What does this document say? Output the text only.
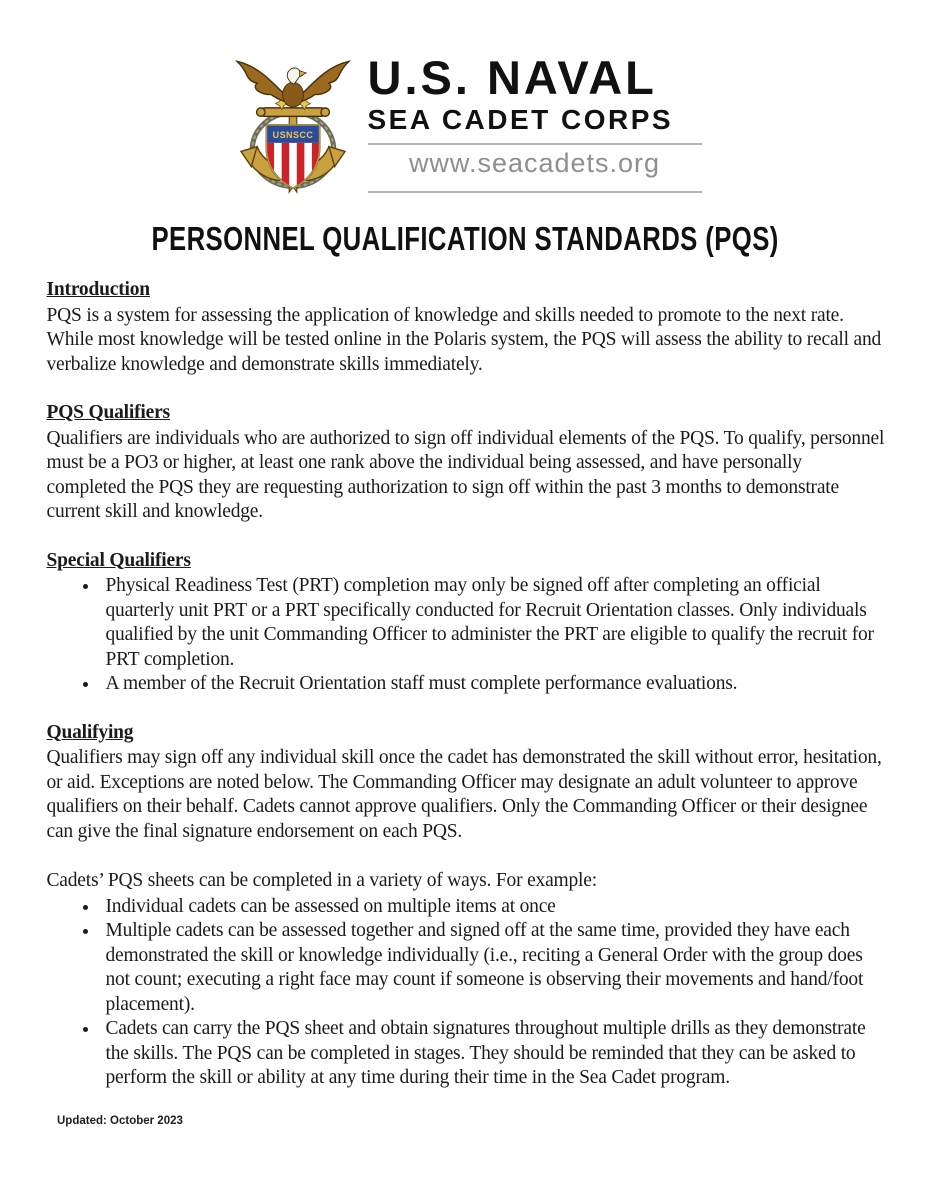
USNSCC
U.S. NAVAL
SEA CADET CORPS
www.seacadets.org
PERSONNEL QUALIFICATION STANDARDS (PQS)
Introduction

PQS is a system for assessing the application of knowledge and skills needed to promote to the next rate. While most knowledge will be tested online in the Polaris system, the PQS will assess the ability to recall and verbalize knowledge and demonstrate skills immediately.

PQS Qualifiers

Qualifiers are individuals who are authorized to sign off individual elements of the PQS. To qualify, personnel must be a PO3 or higher, at least one rank above the individual being assessed, and have personally completed the PQS they are requesting authorization to sign off within the past 3 months to demonstrate current skill and knowledge.

Special Qualifiers
• Physical Readiness Test (PRT) completion may only be signed off after completing an official quarterly unit PRT or a PRT specifically conducted for Recruit Orientation classes. Only individuals qualified by the unit Commanding Officer to administer the PRT are eligible to qualify the recruit for PRT completion.
• A member of the Recruit Orientation staff must complete performance evaluations.
Qualifying

Qualifiers may sign off any individual skill once the cadet has demonstrated the skill without error, hesitation, or aid. Exceptions are noted below. The Commanding Officer may designate an adult volunteer to approve qualifiers on their behalf. Cadets cannot approve qualifiers. Only the Commanding Officer or their designee can give the final signature endorsement on each PQS.

Cadets’ PQS sheets can be completed in a variety of ways. For example:

• Individual cadets can be assessed on multiple items at once
• Multiple cadets can be assessed together and signed off at the same time, provided they have each demonstrated the skill or knowledge individually (i.e., reciting a General Order with the group does not count; executing a right face may count if someone is observing their movements and hand/foot placement).
• Cadets can carry the PQS sheet and obtain signatures throughout multiple drills as they demonstrate the skills. The PQS can be completed in stages. They should be reminded that they can be asked to perform the skill or ability at any time during their time in the Sea Cadet program.
Updated: October 2023
